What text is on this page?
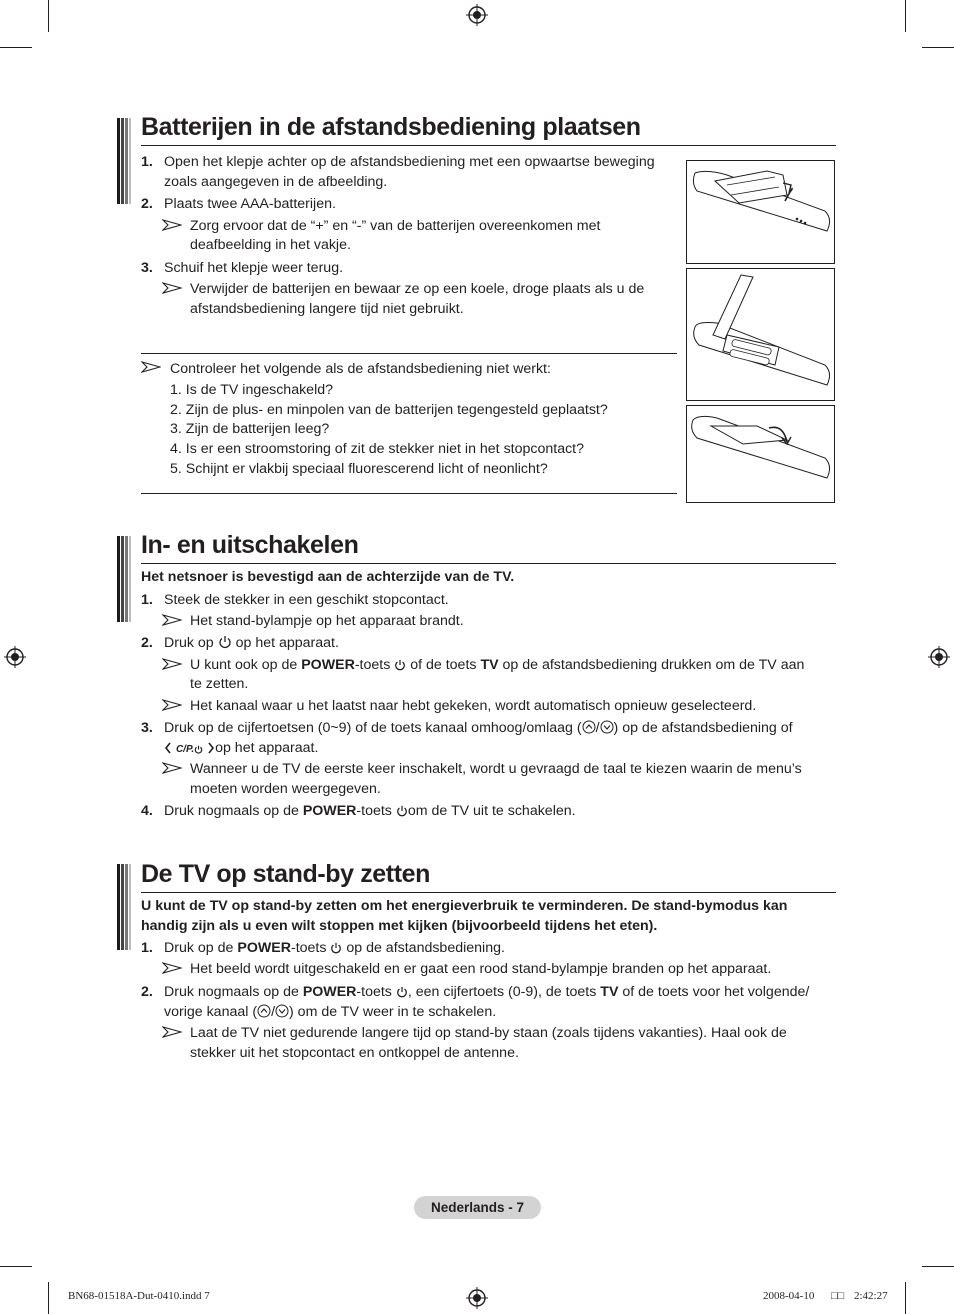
Batterijen in de afstandsbediening plaatsen
1. Open het klepje achter op de afstandsbediening met een opwaartse beweging
zoals aangegeven in de afbeelding.
2. Plaats twee AAA-batterijen.
Zorg ervoor dat de “+” en “-” van de batterijen overeenkomen met
deafbeelding in het vakje.
3. Schuif het klepje weer terug.
Verwijder de batterijen en bewaar ze op een koele, droge plaats als u de
afstandsbediening langere tijd niet gebruikt.
Controleer het volgende als de afstandsbediening niet werkt:
1. Is de TV ingeschakeld?
2. Zijn de plus- en minpolen van de batterijen tegengesteld geplaatst?
3. Zijn de batterijen leeg?
4. Is er een stroomstoring of zit de stekker niet in het stopcontact?
5. Schijnt er vlakbij speciaal fluorescerend licht of neonlicht?
In- en uitschakelen
Het netsnoer is bevestigd aan de achterzijde van de TV.
1. Steek de stekker in een geschikt stopcontact.
Het stand-bylampje op het apparaat brandt.
2. Druk op op het apparaat.
U kunt ook op de POWER-toets of de toets TV op de afstandsbediening drukken om de TV aan
te zetten.
Het kanaal waar u het laatst naar hebt gekeken, wordt automatisch opnieuw geselecteerd.
3. Druk op de cijfertoetsen (0~9) of de toets kanaal omhoog/omlaag ( / ) op de afstandsbediening of
C/P. op het apparaat.
Wanneer u de TV de eerste keer inschakelt, wordt u gevraagd de taal te kiezen waarin de menu’s
moeten worden weergegeven.
4. Druk nogmaals op de POWER-toets om de TV uit te schakelen.
De TV op stand-by zetten
U kunt de TV op stand-by zetten om het energieverbruik te verminderen. De stand-bymodus kan
handig zijn als u even wilt stoppen met kijken (bijvoorbeeld tijdens het eten).
1. Druk op de POWER-toets op de afstandsbediening.
Het beeld wordt uitgeschakeld en er gaat een rood stand-bylampje branden op het apparaat.
2. Druk nogmaals op de POWER-toets , een cijfertoets (0-9), de toets TV of de toets voor het volgende/
vorige kanaal ( / ) om de TV weer in te schakelen.
Laat de TV niet gedurende langere tijd op stand-by staan (zoals tijdens vakanties). Haal ook de
stekker uit het stopcontact en ontkoppel de antenne.
Nederlands - 7
BN68-01518A-Dut-0410.indd 7	2008-04-10 □□ 2:42:27
